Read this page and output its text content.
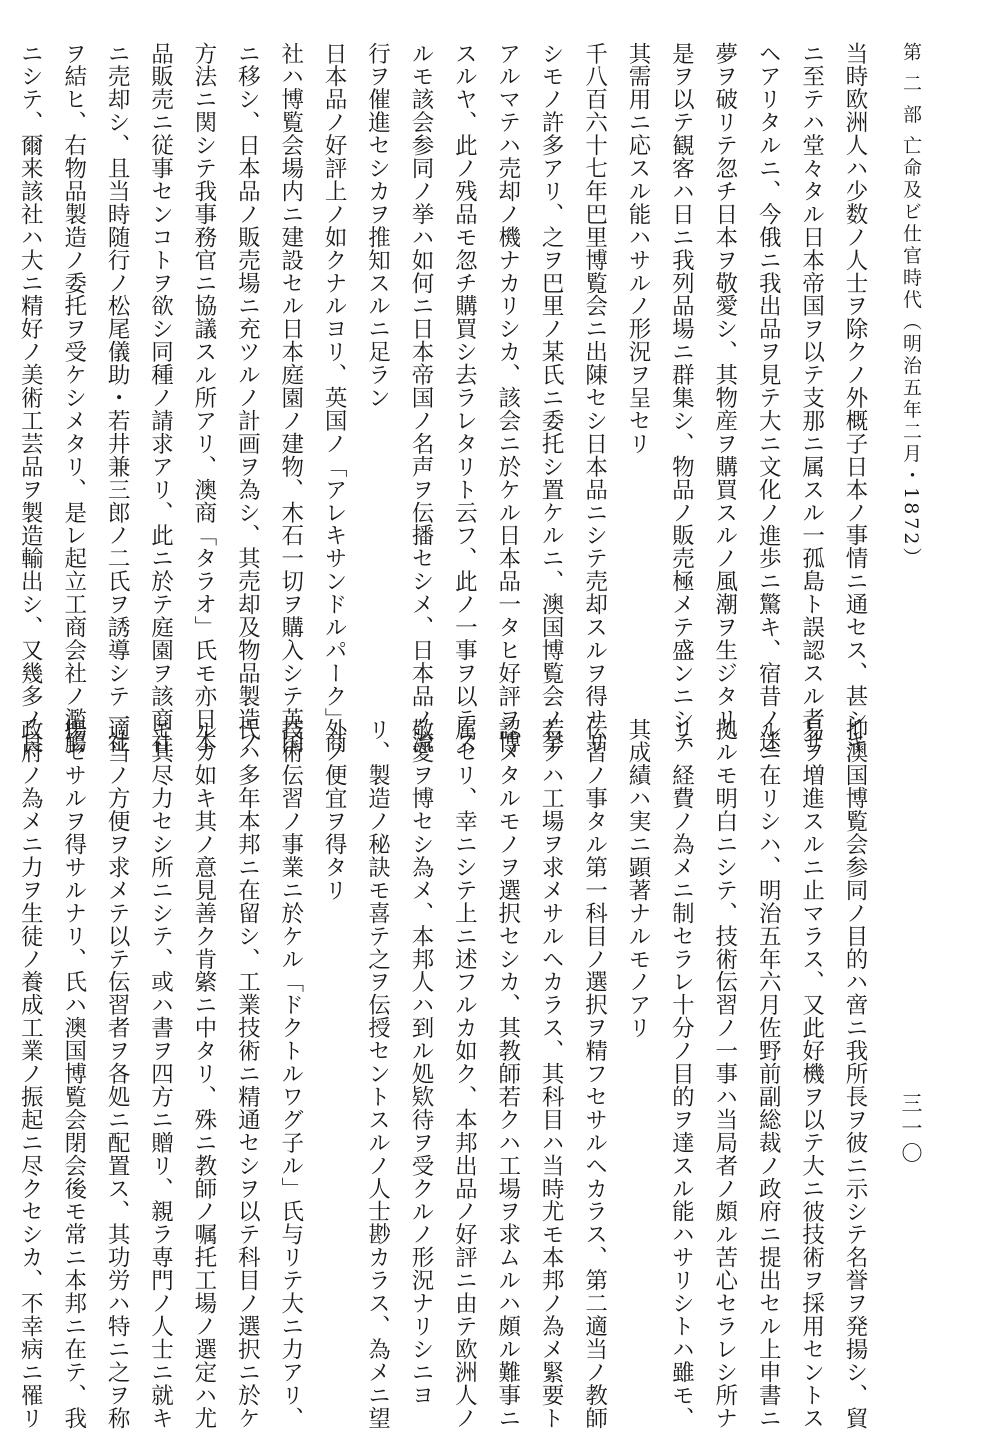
第 二 部 亡命及ビ仕官時代（明治五年二月・1872）
三一〇
当時欧洲人ハ少数ノ人士ヲ除クノ外概子日本ノ事情ニ通セス、甚シキ
ニ至テハ堂々タル日本帝国ヲ以テ支那ニ属スル一孤島ト誤認スル者サ
ヘアリタルニ、今俄ニ我出品ヲ見テ大ニ文化ノ進歩ニ驚キ、宿昔ノ迷
夢ヲ破リテ忽チ日本ヲ敬愛シ、其物産ヲ購買スルノ風潮ヲ生ジタリ、
是ヲ以テ観客ハ日ニ我列品場ニ群集シ、物品ノ販売極メテ盛ンニシテ
其需用ニ応スル能ハサルノ形況ヲ呈セリ
千八百六十七年巴里博覧会ニ出陳セシ日本品ニシテ売却スルヲ得サリ
シモノ許多アリ、之ヲ巴里ノ某氏ニ委托シ置ケルニ、澳国博覧会ノ挙
アルマテハ売却ノ機ナカリシカ、該会ニ於ケル日本品一タヒ好評ヲ博
スルヤ、此ノ残品モ忽チ購買シ去ラレタリト云フ、此ノ一事ヲ以テス
ルモ該会参同ノ挙ハ如何ニ日本帝国ノ名声ヲ伝播セシメ、日本品ノ流
行ヲ催進セシカヲ推知スルニ足ラン
日本品ノ好評上ノ如クナルヨリ、英国ノ「アレキサンドルパーク」商
社ハ博覧会場内ニ建設セル日本庭園ノ建物、木石一切ヲ購入シテ英国
ニ移シ、日本品ノ販売場ニ充ツルノ計画ヲ為シ、其売却及物品製造ノ
方法ニ関シテ我事務官ニ協議スル所アリ、澳商「タラオ」氏モ亦日本
品販売ニ従事センコトヲ欲シ同種ノ請求アリ、此ニ於テ庭園ヲ該商社
ニ売却シ、且当時随行ノ松尾儀助・若井兼三郎ノ二氏ヲ誘導シテ一社
ヲ結ヒ、右物品製造ノ委托ヲ受ケシメタリ、是レ起立工商会社ノ濫觴
ニシテ、爾来該社ハ大ニ精好ノ美術工芸品ヲ製造輸出シ、又幾多ノ良
抑澳国博覧会参同ノ目的ハ啻ニ我所長ヲ彼ニ示シテ名誉ヲ発揚シ、貿
易ヲ増進スルニ止マラス、又此好機ヲ以テ大ニ彼技術ヲ採用セントス
ルニ在リシハ、明治五年六月佐野前副総裁ノ政府ニ提出セル上申書ニ
拠ルモ明白ニシテ、技術伝習ノ一事ハ当局者ノ頗ル苦心セラレシ所ナ
リ、経費ノ為メニ制セラレ十分ノ目的ヲ達スル能ハサリシトハ雖モ、
其成績ハ実ニ顕著ナルモノアリ
伝習ノ事タル第一科目ノ選択ヲ精フセサルヘカラス、第二適当ノ教師
若クハ工場ヲ求メサルヘカラス、其科目ハ当時尤モ本邦ノ為メ緊要ト
認メタルモノヲ選択セシカ、其教師若クハ工場ヲ求ムルハ頗ル難事ニ
属セリ、幸ニシテ上ニ述フルカ如ク、本邦出品ノ好評ニ由テ欧洲人ノ
敬愛ヲ博セシ為メ、本邦人ハ到ル処欵待ヲ受クルノ形況ナリシニヨ
リ、製造ノ秘訣モ喜テ之ヲ伝授セントスルノ人士尠カラス、為メニ望
外ノ便宜ヲ得タリ
技術伝習ノ事業ニ於ケル「ドクトルワグ子ル」氏与リテ大ニ力アリ、
氏ハ多年本邦ニ在留シ、工業技術ニ精通セシヲ以テ科目ノ選択ニ於ケ
ルカ如キ其ノ意見善ク肯綮ニ中タリ、殊ニ教師ノ嘱托工場ノ選定ハ尤
モ其尽力セシ所ニシテ、或ハ書ヲ四方ニ贈リ、親ラ専門ノ人士ニ就キ
適当ノ方便ヲ求メテ以テ伝習者ヲ各処ニ配置ス、其功労ハ特ニ之ヲ称
揚セサルヲ得サルナリ、氏ハ澳国博覧会閉会後モ常ニ本邦ニ在テ、我
政府ノ為メニ力ヲ生徒ノ養成工業ノ振起ニ尽クセシカ、不幸病ニ罹リ
